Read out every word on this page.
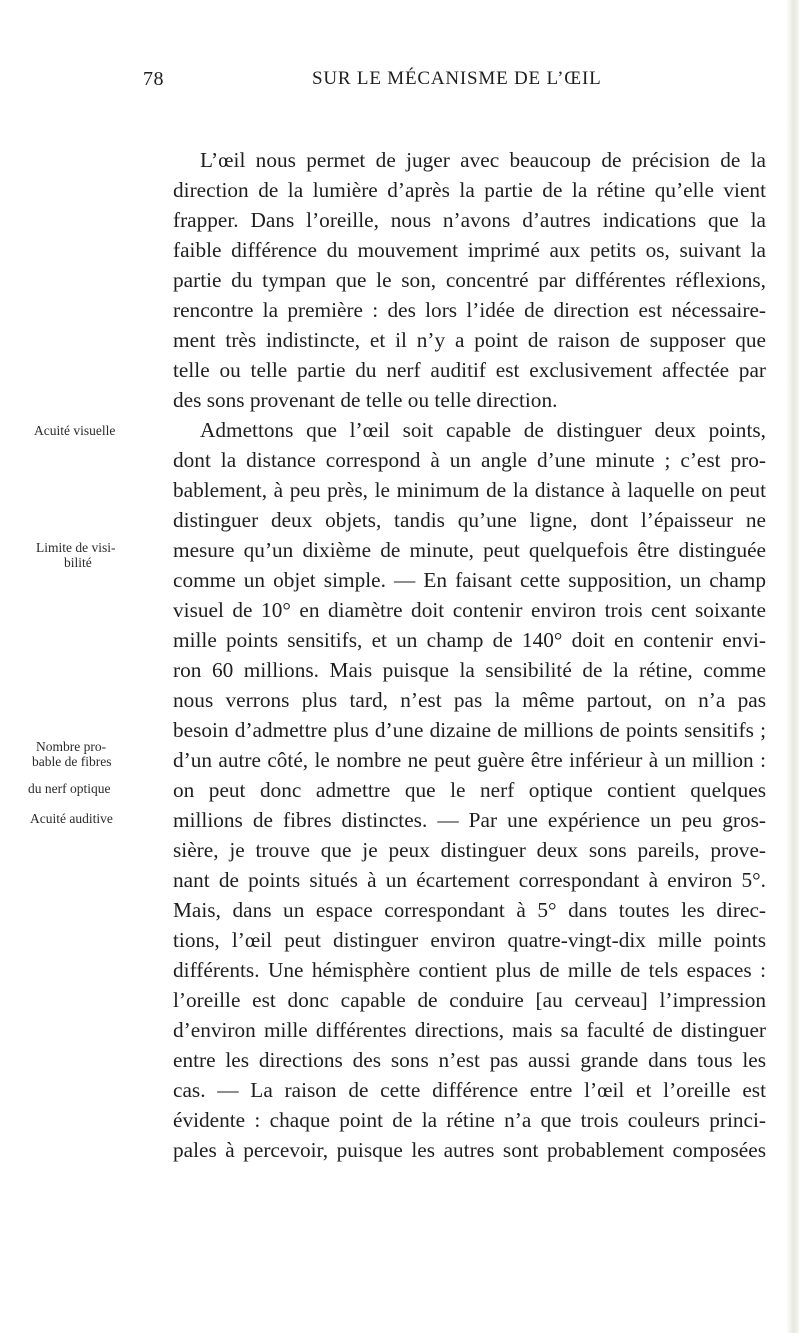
78	SUR LE MÉCANISME DE L’ŒIL
L’œil nous permet de juger avec beaucoup de précision de la
direction de la lumière d’après la partie de la rétine qu’elle vient
frapper. Dans l’oreille, nous n’avons d’autres indications que la
faible différence du mouvement imprimé aux petits os, suivant la
partie du tympan que le son, concentré par différentes réflexions,
rencontre la première : des lors l’idée de direction est nécessaire-
ment très indistincte, et il n’y a point de raison de supposer que
telle ou telle partie du nerf auditif est exclusivement affectée par
des sons provenant de telle ou telle direction.
Admettons que l’œil soit capable de distinguer deux points,
dont la distance correspond à un angle d’une minute ; c’est pro-
bablement, à peu près, le minimum de la distance à laquelle on peut
distinguer deux objets, tandis qu’une ligne, dont l’épaisseur ne
mesure qu’un dixième de minute, peut quelquefois être distinguée
comme un objet simple. — En faisant cette supposition, un champ
visuel de 10° en diamètre doit contenir environ trois cent soixante
mille points sensitifs, et un champ de 140° doit en contenir envi-
ron 60 millions. Mais puisque la sensibilité de la rétine, comme
nous verrons plus tard, n’est pas la même partout, on n’a pas
besoin d’admettre plus d’une dizaine de millions de points sensitifs ;
d’un autre côté, le nombre ne peut guère être inférieur à un million :
on peut donc admettre que le nerf optique contient quelques
millions de fibres distinctes. — Par une expérience un peu gros-
sière, je trouve que je peux distinguer deux sons pareils, prove-
nant de points situés à un écartement correspondant à environ 5°.
Mais, dans un espace correspondant à 5° dans toutes les direc-
tions, l’œil peut distinguer environ quatre-vingt-dix mille points
différents. Une hémisphère contient plus de mille de tels espaces :
l’oreille est donc capable de conduire [au cerveau] l’impression
d’environ mille différentes directions, mais sa faculté de distinguer
entre les directions des sons n’est pas aussi grande dans tous les
cas. — La raison de cette différence entre l’œil et l’oreille est
évidente : chaque point de la rétine n’a que trois couleurs princi-
pales à percevoir, puisque les autres sont probablement composées
Acuité visuelle
Limite de visi-
bilité
Nombre pro-
bable de fibres
du nerf optique
Acuité auditive
